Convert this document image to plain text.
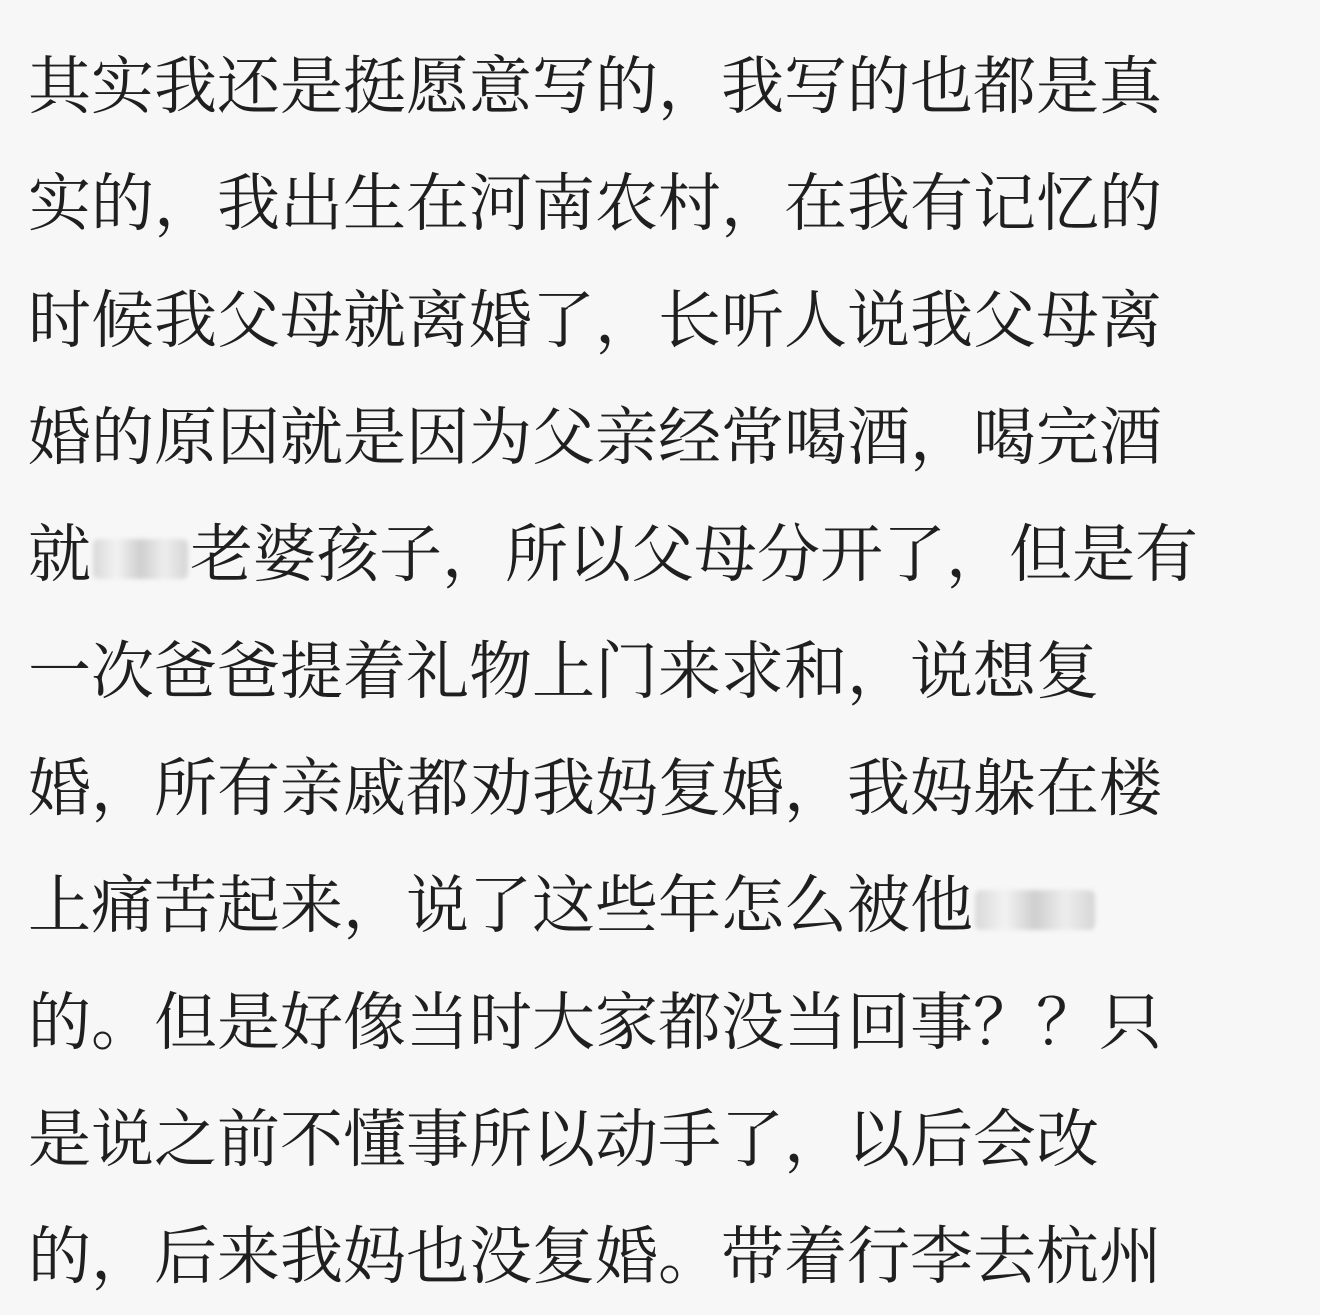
其实我还是挺愿意写的，我写的也都是真
实的，我出生在河南农村，在我有记忆的
时候我父母就离婚了，长听人说我父母离
婚的原因就是因为父亲经常喝酒，喝完酒
就 老婆孩子，所以父母分开了，但是有
一次爸爸提着礼物上门来求和，说想复
婚，所有亲戚都劝我妈复婚，我妈躲在楼
上痛苦起来，说了这些年怎么被他
的。但是好像当时大家都没当回事？？只
是说之前不懂事所以动手了，以后会改
的，后来我妈也没复婚。带着行李去杭州
